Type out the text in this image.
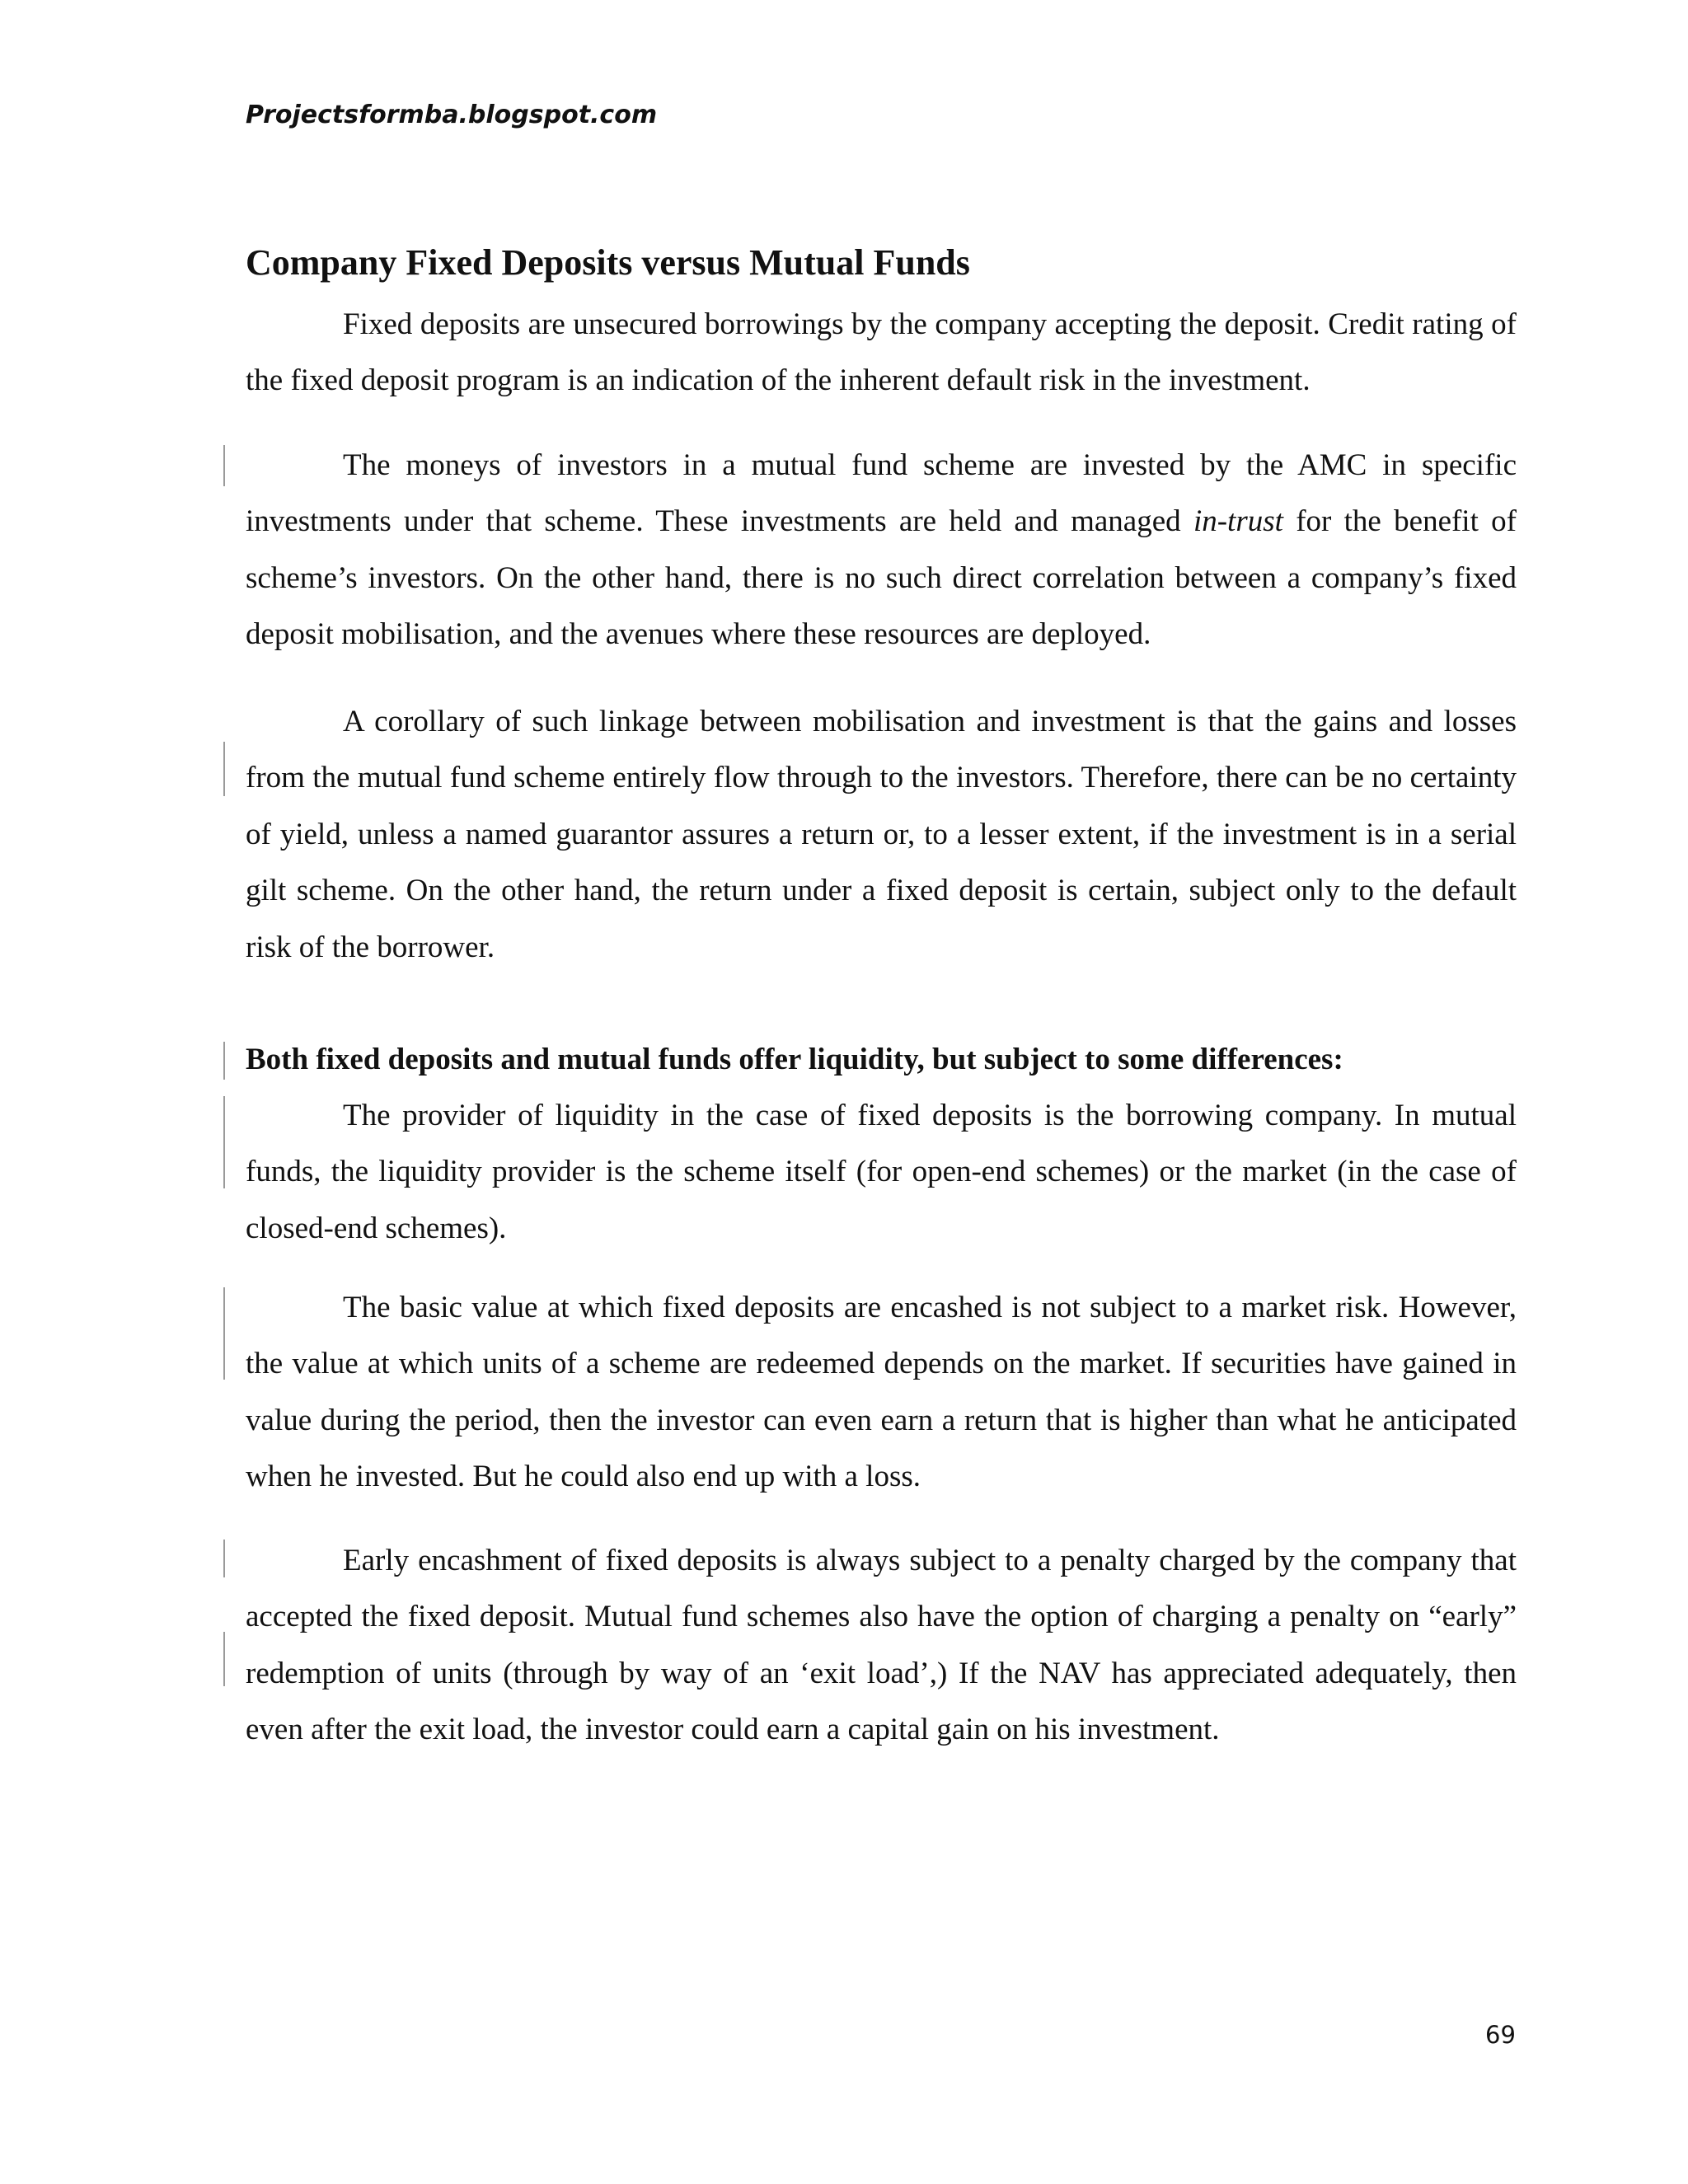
Projectsformba.blogspot.com
Company Fixed Deposits versus Mutual Funds

Fixed deposits are unsecured borrowings by the company accepting the deposit. Credit rating of the fixed deposit program is an indication of the inherent default risk in the investment.

The moneys of investors in a mutual fund scheme are invested by the AMC in specific investments under that scheme. These investments are held and managed in-trust for the benefit of scheme’s investors. On the other hand, there is no such direct correlation between a company’s fixed deposit mobilisation, and the avenues where these resources are deployed.

A corollary of such linkage between mobilisation and investment is that the gains and losses from the mutual fund scheme entirely flow through to the investors. Therefore, there can be no certainty of yield, unless a named guarantor assures a return or, to a lesser extent, if the investment is in a serial gilt scheme. On the other hand, the return under a fixed deposit is certain, subject only to the default risk of the borrower.

Both fixed deposits and mutual funds offer liquidity, but subject to some differences:

The provider of liquidity in the case of fixed deposits is the borrowing company. In mutual funds, the liquidity provider is the scheme itself (for open-end schemes) or the market (in the case of closed-end schemes).

The basic value at which fixed deposits are encashed is not subject to a market risk. However, the value at which units of a scheme are redeemed depends on the market. If securities have gained in value during the period, then the investor can even earn a return that is higher than what he anticipated when he invested. But he could also end up with a loss.

Early encashment of fixed deposits is always subject to a penalty charged by the company that accepted the fixed deposit. Mutual fund schemes also have the option of charging a penalty on “early” redemption of units (through by way of an ‘exit load’,) If the NAV has appreciated adequately, then even after the exit load, the investor could earn a capital gain on his investment.

69
